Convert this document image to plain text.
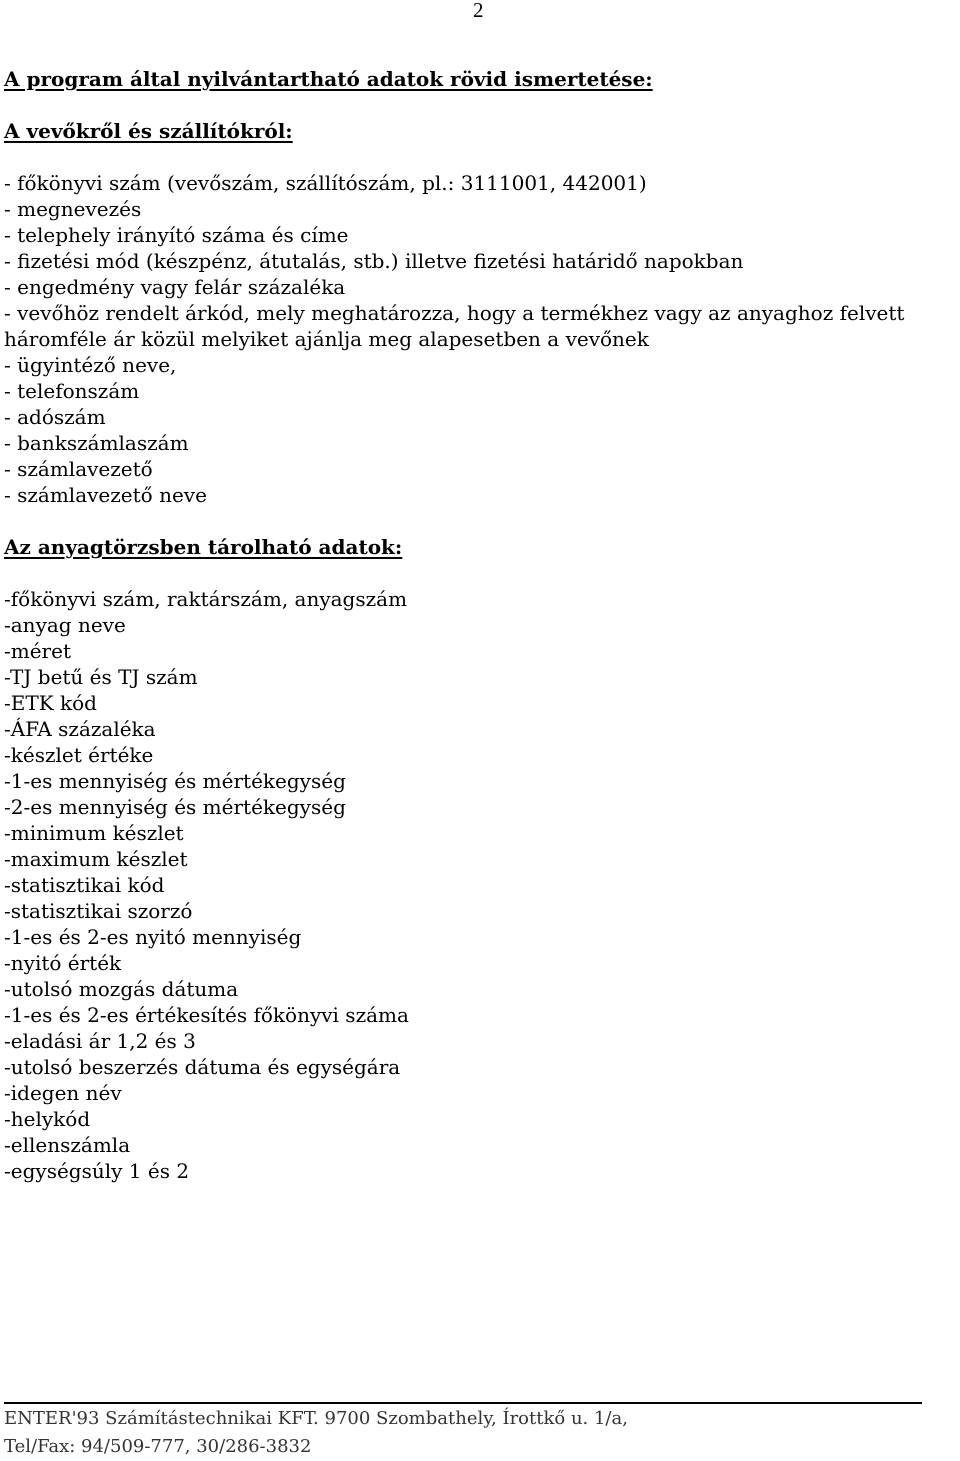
2
A program által nyilvántartható adatok rövid ismertetése:
A vevőkről és szállítókról:
- főkönyvi szám (vevőszám, szállítószám, pl.: 3111001, 442001)
- megnevezés
- telephely irányító száma és címe
- fizetési mód (készpénz, átutalás, stb.) illetve fizetési határidő napokban
- engedmény vagy felár százaléka
- vevőhöz rendelt árkód, mely meghatározza, hogy a termékhez vagy az anyaghoz felvett
háromféle ár közül melyiket ajánlja meg alapesetben a vevőnek
- ügyintéző neve,
- telefonszám
- adószám
- bankszámlaszám
- számlavezető
- számlavezető neve
Az anyagtörzsben tárolható adatok:
-főkönyvi szám, raktárszám, anyagszám
-anyag neve
-méret
-TJ betű és TJ szám
-ETK kód
-ÁFA százaléka
-készlet értéke
-1-es mennyiség és mértékegység
-2-es mennyiség és mértékegység
-minimum készlet
-maximum készlet
-statisztikai kód
-statisztikai szorzó
-1-es és 2-es nyitó mennyiség
-nyitó érték
-utolsó mozgás dátuma
-1-es és 2-es értékesítés főkönyvi száma
-eladási ár 1,2 és 3
-utolsó beszerzés dátuma és egységára
-idegen név
-helykód
-ellenszámla
-egységsúly 1 és 2
ENTER'93 Számítástechnikai KFT. 9700 Szombathely, Írottkő u. 1/a,
Tel/Fax: 94/509-777, 30/286-3832
